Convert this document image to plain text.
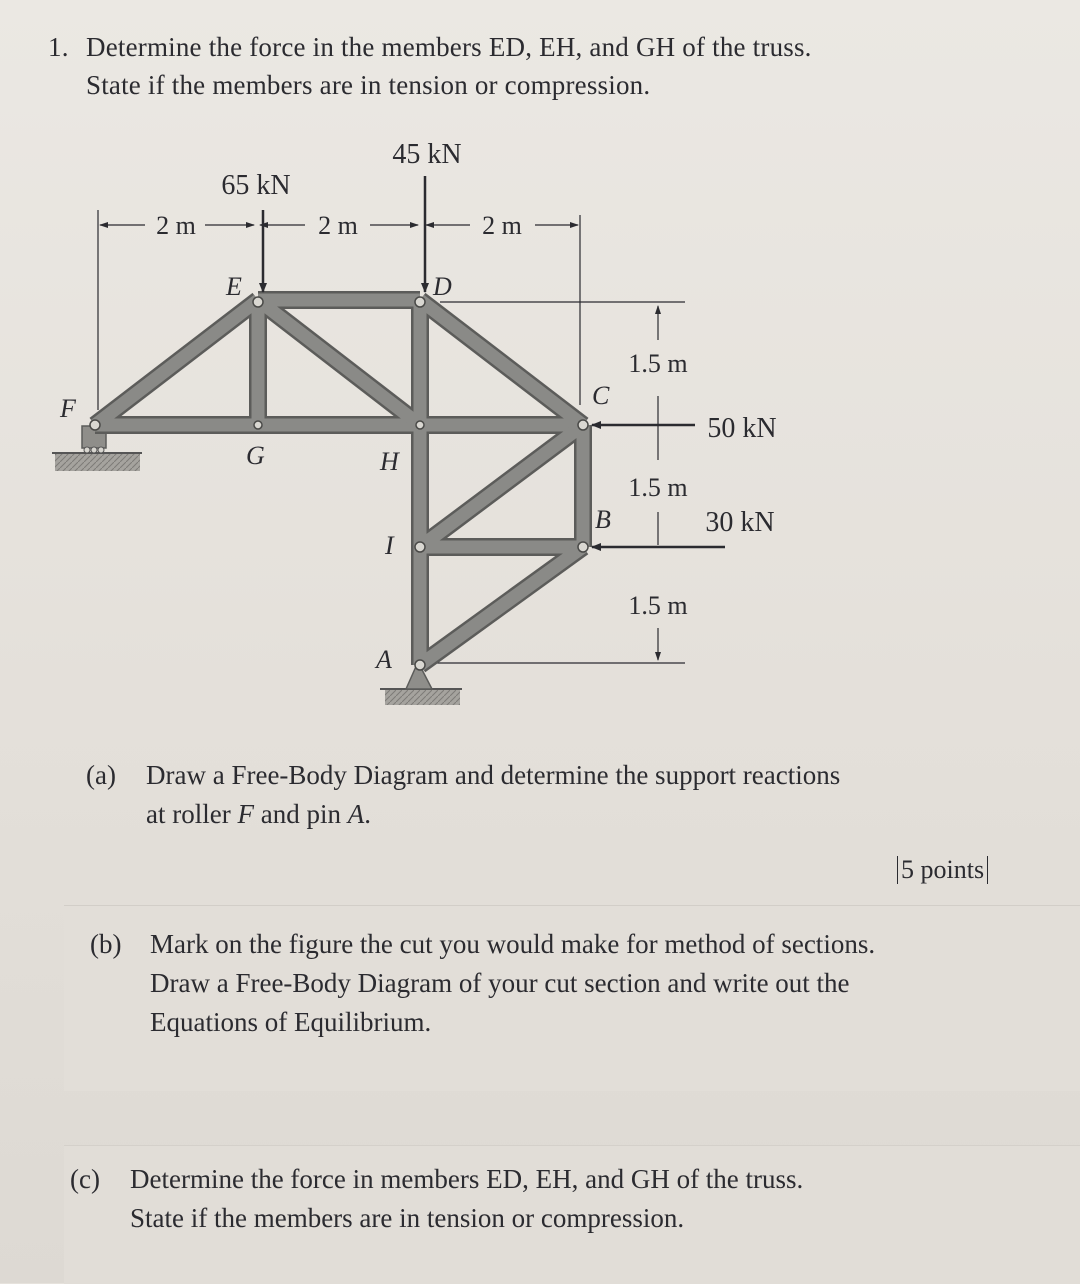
1. Determine the force in the members ED, EH, and GH of the truss.
State if the members are in tension or compression.
45 kN
65 kN
50 kN
30 kN
2 m	2 m	2 m
1.5 m
1.5 m
1.5 m
F
E	D
C
G	H
B
I
A
(a) Draw a Free-Body Diagram and determine the support reactions
at roller F and pin A.
5 points
(b) Mark on the figure the cut you would make for method of sections.
Draw a Free-Body Diagram of your cut section and write out the
Equations of Equilibrium.
(c) Determine the force in members ED, EH, and GH of the truss.
State if the members are in tension or compression.
